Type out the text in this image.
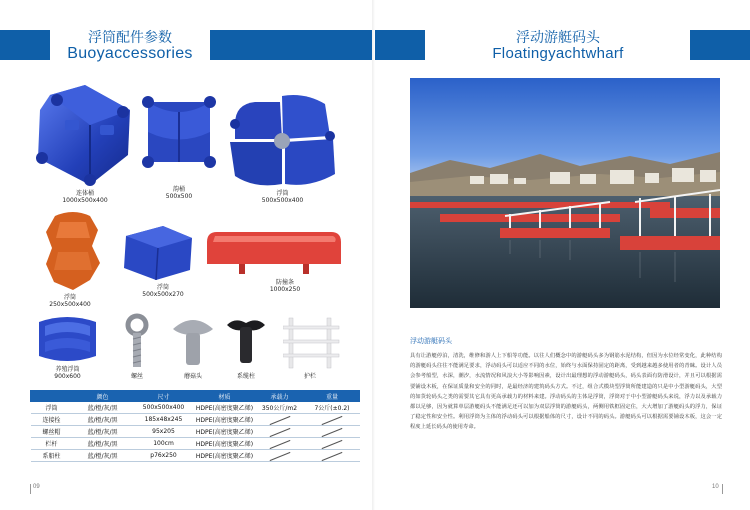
浮筒配件参数
Buoyaccessories
连体桶
1000x500x400
韵桶
500x500	浮筒
500x500x400
浮筒
250x500x400
浮筒
500x500x270
防撞条
1000x250
养殖浮筒
900x600	螺丝	蘑菇头	系缆柱	护栏
	颜色	尺寸	材质	承载力	重量
浮筒	蓝/橙/灰/黑	500x500x400	HDPE(高密度聚乙烯)	350公斤/m2	7公斤(±0.2)
连接拴	蓝/橙/灰/黑	185x48x245	HDPE(高密度聚乙烯)		
螺丝帽	蓝/橙/灰/黑	95x205	HDPE(高密度聚乙烯)		
栏杆	蓝/橙/灰/黑	100cm	HDPE(高密度聚乙烯)		
系船柱	蓝/橙/灰/黑	p76x250	HDPE(高密度聚乙烯)		
09
浮动游艇码头
Floatingyachtwharf
浮动游艇码头
具有让游艇停泊，清洗，维修和游人上下船等功能。以往人们概念中的游艇码头多为钢筋水泥结构，但因为水位经常变化，此种结构的游艇码头往往不能满足要求，浮动码头可以适应不同的水位，始终与水面保持固定的距离，受到越来越多使用者的青睐。设计人员会参考船型，水深，潮汐，水流情况和风浪大小等影响因素，设计出最理想的浮动游艇码头，码头表面有防滑设计，并且可以根据需要铺设木板，在保证质量和安全的同时，是最经济的建筑码头方式。不过，组合式模块型浮筒所能建造的只是中小型游艇码头，大型的如货轮码头之类的需要其它具有更高承载力的材料来建。浮动码头的主体是浮筒，浮筒对于中小型游艇码头来说，浮力以及承载力都以足够，因为就算单层游艇码头不能满足还可以加为双层浮筒的游艇码头，两侧用铁框固定住，大大增加了游艇码头的浮力，保证了稳定性和安全性。利用浮筒为主体的浮动码头可以根据船体的尺寸，设计不同的码头。游艇码头可以根据需要铺设木板，这会一定程度上延长码头的使用寿命。
10
